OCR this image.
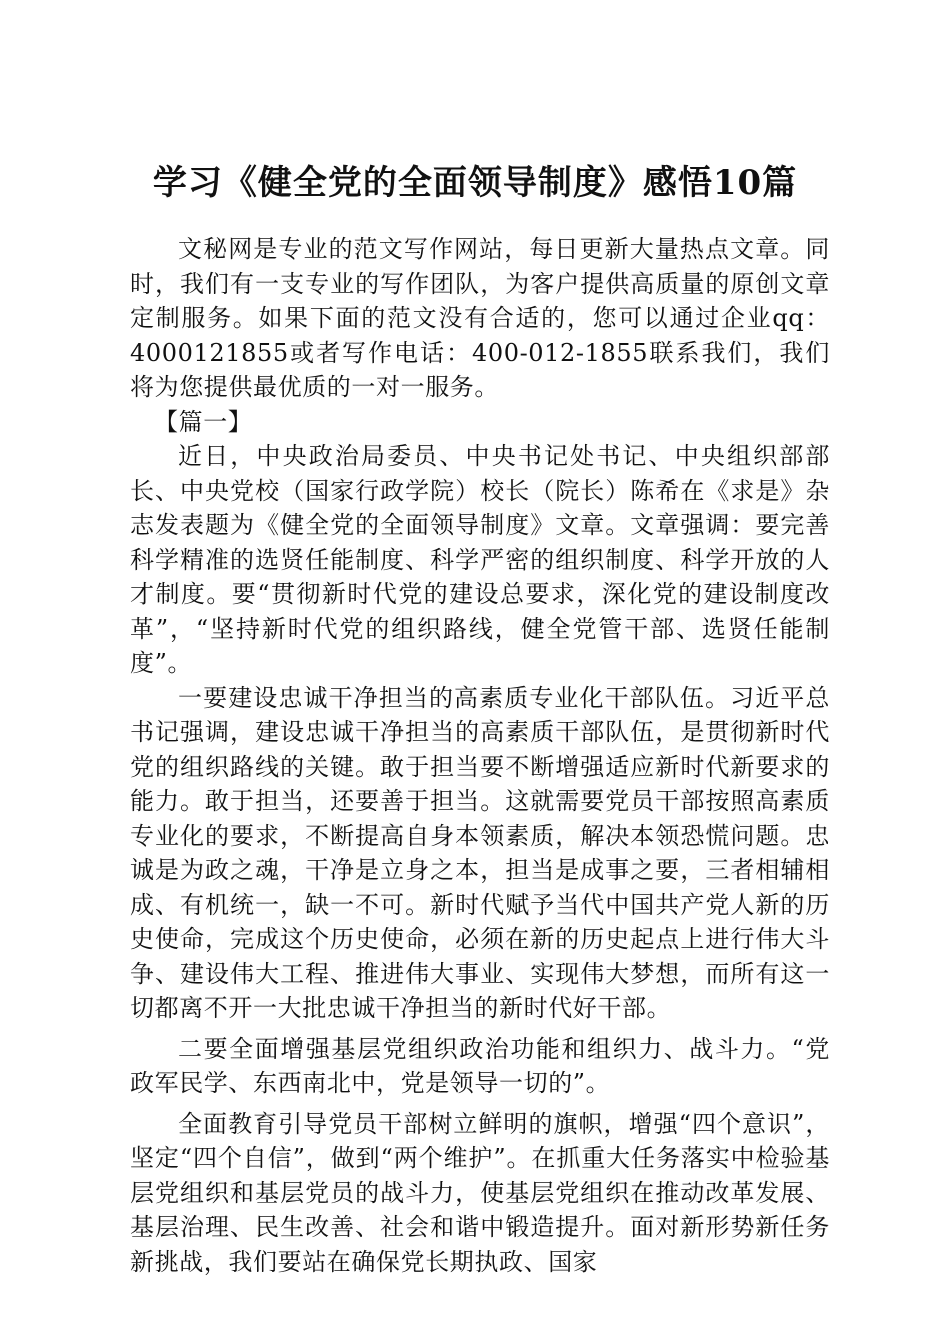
学习《健全党的全面领导制度》感悟10篇

文秘网是专业的范文写作网站，每日更新大量热点文章。同时，我们有一支专业的写作团队，为客户提供高质量的原创文章定制服务。如果下面的范文没有合适的，您可以通过企业qq：4000121855或者写作电话：400-012-1855联系我们，我们将为您提供最优质的一对一服务。

【篇一】

近日，中央政治局委员、中央书记处书记、中央组织部部长、中央党校（国家行政学院）校长（院长）陈希在《求是》杂志发表题为《健全党的全面领导制度》文章。文章强调：要完善科学精准的选贤任能制度、科学严密的组织制度、科学开放的人才制度。要“贯彻新时代党的建设总要求，深化党的建设制度改革”，“坚持新时代党的组织路线，健全党管干部、选贤任能制度”。

一要建设忠诚干净担当的高素质专业化干部队伍。习近平总书记强调，建设忠诚干净担当的高素质干部队伍，是贯彻新时代党的组织路线的关键。敢于担当要不断增强适应新时代新要求的能力。敢于担当，还要善于担当。这就需要党员干部按照高素质专业化的要求，不断提高自身本领素质，解决本领恐慌问题。忠诚是为政之魂，干净是立身之本，担当是成事之要，三者相辅相成、有机统一，缺一不可。新时代赋予当代中国共产党人新的历史使命，完成这个历史使命，必须在新的历史起点上进行伟大斗争、建设伟大工程、推进伟大事业、实现伟大梦想，而所有这一切都离不开一大批忠诚干净担当的新时代好干部。

二要全面增强基层党组织政治功能和组织力、战斗力。“党政军民学、东西南北中，党是领导一切的”。

全面教育引导党员干部树立鲜明的旗帜，增强“四个意识”，坚定“四个自信”，做到“两个维护”。在抓重大任务落实中检验基层党组织和基层党员的战斗力，使基层党组织在推动改革发展、基层治理、民生改善、社会和谐中锻造提升。面对新形势新任务新挑战，我们要站在确保党长期执政、国家
